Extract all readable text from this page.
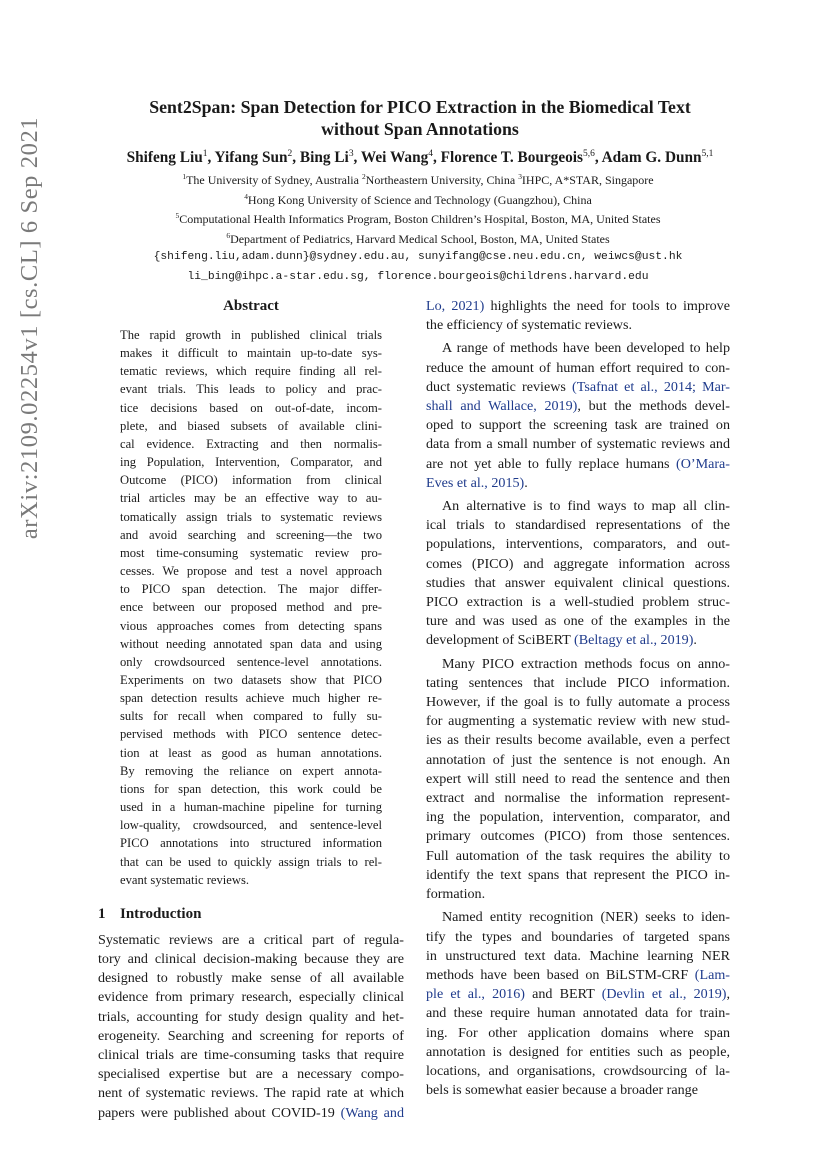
arXiv:2109.02254v1 [cs.CL] 6 Sep 2021
Sent2Span: Span Detection for PICO Extraction in the Biomedical Text
without Span Annotations
Shifeng Liu$^1$, Yifang Sun$^2$, Bing Li$^3$, Wei Wang$^4$, Florence T. Bourgeois$^{5,6}$, Adam G. Dunn$^{5,1}$
$^1$The University of Sydney, Australia $^2$Northeastern University, China $^3$IHPC, A*STAR, Singapore
$^4$Hong Kong University of Science and Technology (Guangzhou), China
$^5$Computational Health Informatics Program, Boston Children’s Hospital, Boston, MA, United States
$^6$Department of Pediatrics, Harvard Medical School, Boston, MA, United States
{shifeng.liu,adam.dunn}@sydney.edu.au, sunyifang@cse.neu.edu.cn, weiwcs@ust.hk
li_bing@ihpc.a-star.edu.sg, florence.bourgeois@childrens.harvard.edu
Abstract
The rapid growth in published clinical trials
makes it difficult to maintain up-to-date sys-
tematic reviews, which require finding all rel-
evant trials. This leads to policy and prac-
tice decisions based on out-of-date, incom-
plete, and biased subsets of available clini-
cal evidence. Extracting and then normalis-
ing Population, Intervention, Comparator, and
Outcome (PICO) information from clinical
trial articles may be an effective way to au-
tomatically assign trials to systematic reviews
and avoid searching and screening—the two
most time-consuming systematic review pro-
cesses. We propose and test a novel approach
to PICO span detection. The major differ-
ence between our proposed method and pre-
vious approaches comes from detecting spans
without needing annotated span data and using
only crowdsourced sentence-level annotations.
Experiments on two datasets show that PICO
span detection results achieve much higher re-
sults for recall when compared to fully su-
pervised methods with PICO sentence detec-
tion at least as good as human annotations.
By removing the reliance on expert annota-
tions for span detection, this work could be
used in a human-machine pipeline for turning
low-quality, crowdsourced, and sentence-level
PICO annotations into structured information
that can be used to quickly assign trials to rel-
evant systematic reviews.
1 Introduction
Systematic reviews are a critical part of regula-
tory and clinical decision-making because they are
designed to robustly make sense of all available
evidence from primary research, especially clinical
trials, accounting for study design quality and het-
erogeneity. Searching and screening for reports of
clinical trials are time-consuming tasks that require
specialised expertise but are a necessary compo-
nent of systematic reviews. The rapid rate at which
papers were published about COVID-19 (Wang and
Lo, 2021) highlights the need for tools to improve
the efficiency of systematic reviews.
A range of methods have been developed to help
reduce the amount of human effort required to con-
duct systematic reviews (Tsafnat et al., 2014; Mar-
shall and Wallace, 2019), but the methods devel-
oped to support the screening task are trained on
data from a small number of systematic reviews and
are not yet able to fully replace humans (O’Mara-
Eves et al., 2015).
An alternative is to find ways to map all clin-
ical trials to standardised representations of the
populations, interventions, comparators, and out-
comes (PICO) and aggregate information across
studies that answer equivalent clinical questions.
PICO extraction is a well-studied problem struc-
ture and was used as one of the examples in the
development of SciBERT (Beltagy et al., 2019).
Many PICO extraction methods focus on anno-
tating sentences that include PICO information.
However, if the goal is to fully automate a process
for augmenting a systematic review with new stud-
ies as their results become available, even a perfect
annotation of just the sentence is not enough. An
expert will still need to read the sentence and then
extract and normalise the information represent-
ing the population, intervention, comparator, and
primary outcomes (PICO) from those sentences.
Full automation of the task requires the ability to
identify the text spans that represent the PICO in-
formation.
Named entity recognition (NER) seeks to iden-
tify the types and boundaries of targeted spans
in unstructured text data. Machine learning NER
methods have been based on BiLSTM-CRF (Lam-
ple et al., 2016) and BERT (Devlin et al., 2019),
and these require human annotated data for train-
ing. For other application domains where span
annotation is designed for entities such as people,
locations, and organisations, crowdsourcing of la-
bels is somewhat easier because a broader range
